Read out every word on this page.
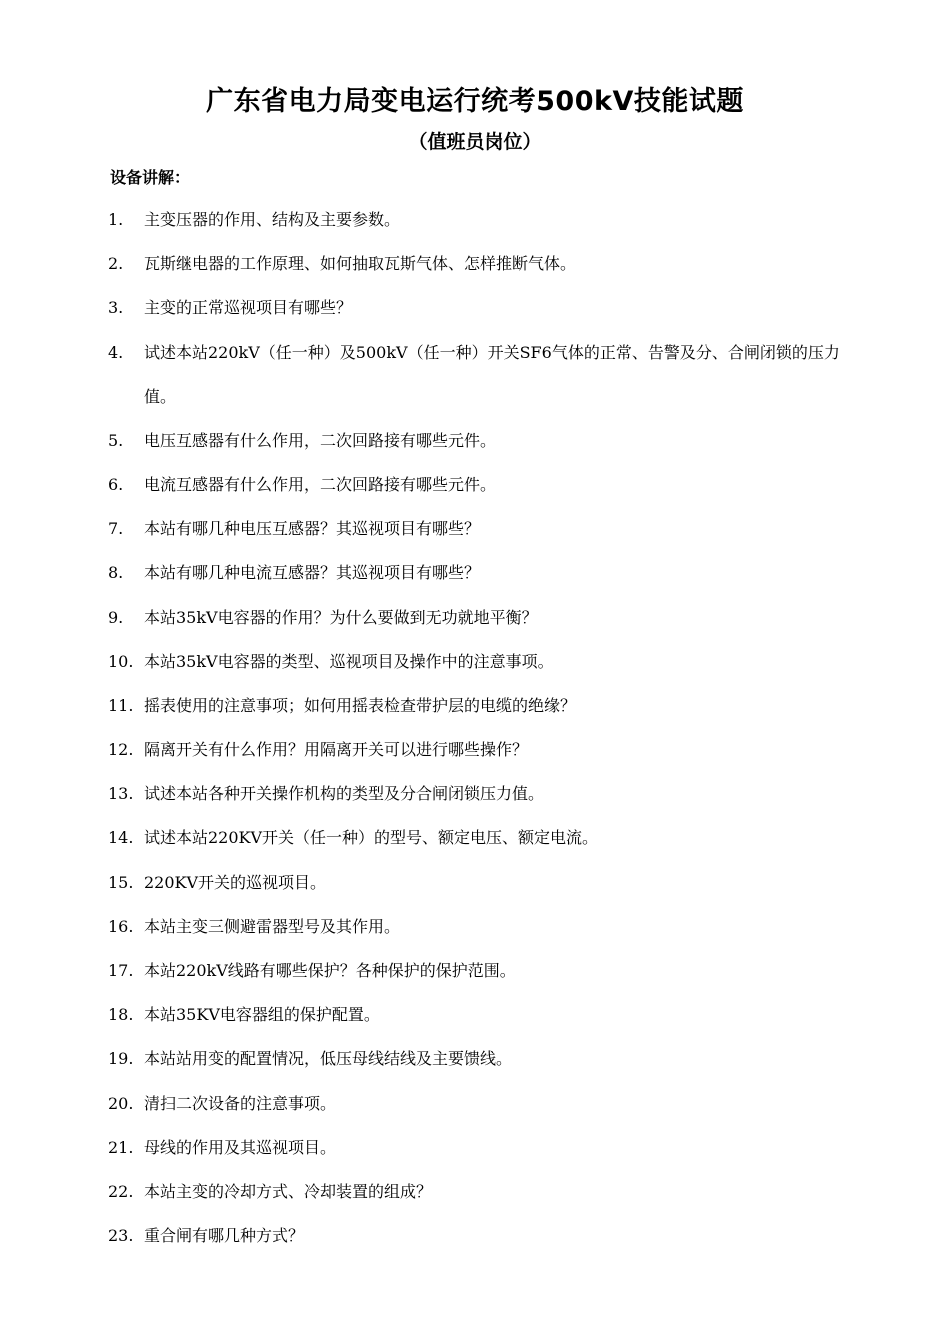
广东省电力局变电运行统考500kV技能试题
（值班员岗位）
设备讲解：
1.	主变压器的作用、结构及主要参数。
2.	瓦斯继电器的工作原理、如何抽取瓦斯气体、怎样推断气体。
3.	主变的正常巡视项目有哪些？
4.	试述本站220kV（任一种）及500kV（任一种）开关SF6气体的正常、告警及分、合闸闭锁的压力值。
5.	电压互感器有什么作用，二次回路接有哪些元件。
6.	电流互感器有什么作用，二次回路接有哪些元件。
7.	本站有哪几种电压互感器？其巡视项目有哪些？
8.	本站有哪几种电流互感器？其巡视项目有哪些？
9.	本站35kV电容器的作用？为什么要做到无功就地平衡？
10. 本站35kV电容器的类型、巡视项目及操作中的注意事项。
11. 摇表使用的注意事项；如何用摇表检查带护层的电缆的绝缘？
12. 隔离开关有什么作用？用隔离开关可以进行哪些操作？
13. 试述本站各种开关操作机构的类型及分合闸闭锁压力值。
14. 试述本站220KV开关（任一种）的型号、额定电压、额定电流。
15. 220KV开关的巡视项目。
16. 本站主变三侧避雷器型号及其作用。
17. 本站220kV线路有哪些保护？各种保护的保护范围。
18. 本站35KV电容器组的保护配置。
19. 本站站用变的配置情况，低压母线结线及主要馈线。
20. 清扫二次设备的注意事项。
21. 母线的作用及其巡视项目。
22. 本站主变的冷却方式、冷却装置的组成？
23. 重合闸有哪几种方式？
